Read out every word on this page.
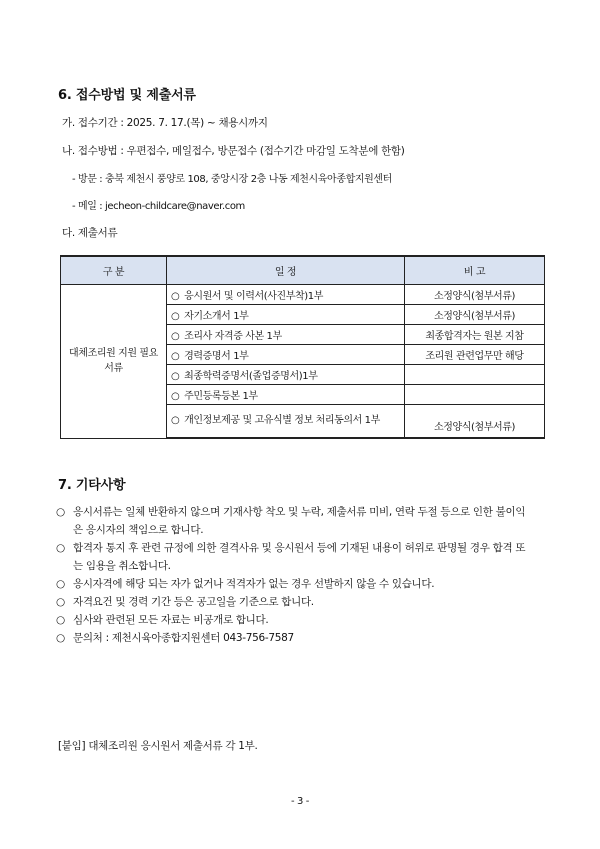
6. 접수방법 및 제출서류
가. 접수기간 : 2025. 7. 17.(목) ~ 채용시까지
나. 접수방법 : 우편접수, 메일접수, 방문접수 (접수기간 마감일 도착분에 한함)
- 방문 : 충북 제천시 풍양로 108, 중앙시장 2층 나동 제천시육아종합지원센터
- 메일 : jecheon-childcare@naver.com
다. 제출서류
구 분	일 정	비 고
대체조리원 지원 필요서류	○ 응시원서 및 이력서(사진부착)1부	소정양식(첨부서류)
	○ 자기소개서 1부	소정양식(첨부서류)
	○ 조리사 자격증 사본 1부	최종합격자는 원본 지참
	○ 경력증명서 1부	조리원 관련업무만 해당
	○ 최종학력증명서(졸업증명서)1부	
	○ 주민등록등본 1부	
	○ 개인정보제공 및 고유식별 정보 처리동의서 1부	소정양식(첨부서류)
7. 기타사항
○ 응시서류는 일체 반환하지 않으며 기재사항 착오 및 누락, 제출서류 미비, 연락 두절 등으로 인한 불이익은 응시자의 책임으로 합니다.
○ 합격자 통지 후 관련 규정에 의한 결격사유 및 응시원서 등에 기재된 내용이 허위로 판명될 경우 합격 또는 임용을 취소합니다.
○ 응시자격에 해당 되는 자가 없거나 적격자가 없는 경우 선발하지 않을 수 있습니다.
○ 자격요건 및 경력 기간 등은 공고일을 기준으로 합니다.
○ 심사와 관련된 모든 자료는 비공개로 합니다.
○ 문의처 : 제천시육아종합지원센터 043-756-7587
[붙임] 대체조리원 응시원서 제출서류 각 1부.
- 3 -
